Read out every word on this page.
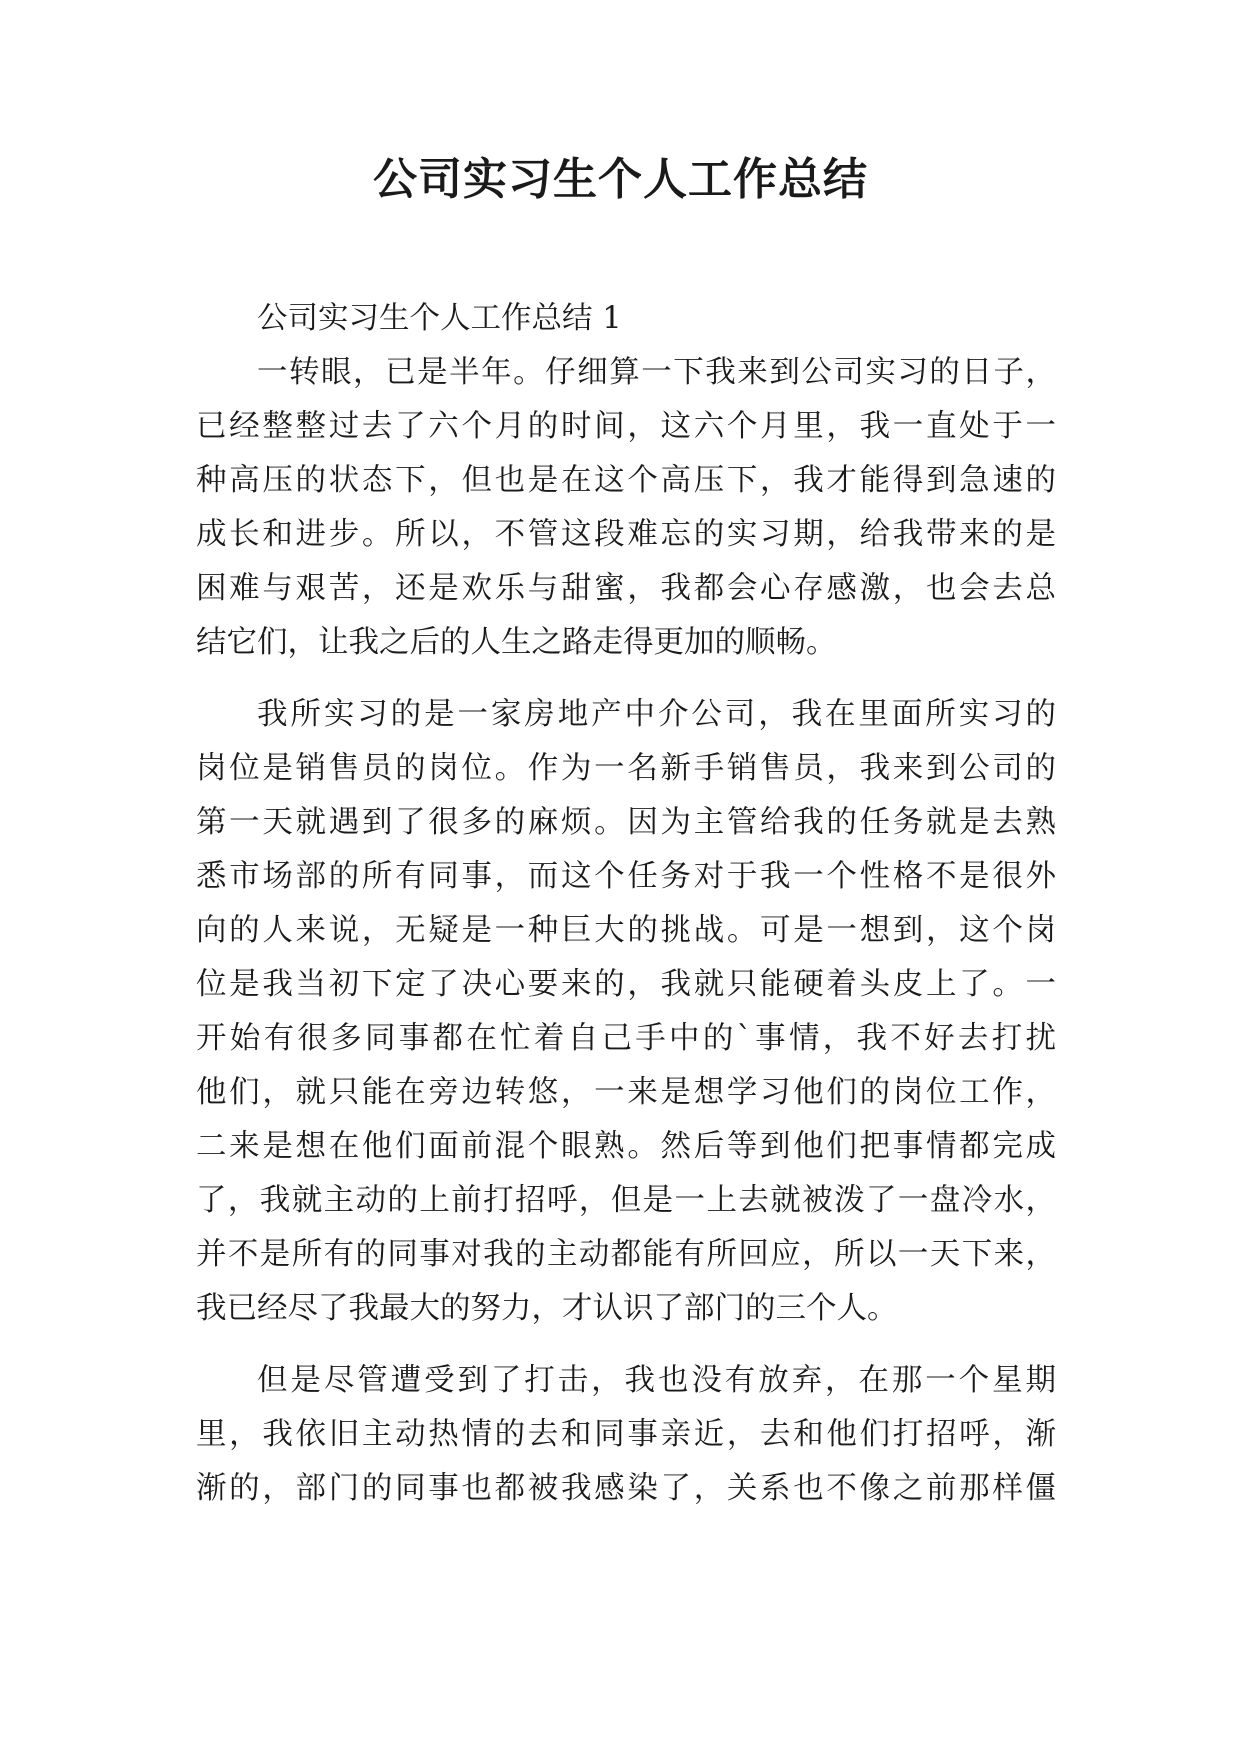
公司实习生个人工作总结
公司实习生个人工作总结 1
一转眼，已是半年。仔细算一下我来到公司实习的日子，
已经整整过去了六个月的时间，这六个月里，我一直处于一
种高压的状态下，但也是在这个高压下，我才能得到急速的
成长和进步。所以，不管这段难忘的实习期，给我带来的是
困难与艰苦，还是欢乐与甜蜜，我都会心存感激，也会去总
结它们，让我之后的人生之路走得更加的顺畅。
我所实习的是一家房地产中介公司，我在里面所实习的
岗位是销售员的岗位。作为一名新手销售员，我来到公司的
第一天就遇到了很多的麻烦。因为主管给我的任务就是去熟
悉市场部的所有同事，而这个任务对于我一个性格不是很外
向的人来说，无疑是一种巨大的挑战。可是一想到，这个岗
位是我当初下定了决心要来的，我就只能硬着头皮上了。一
开始有很多同事都在忙着自己手中的`事情，我不好去打扰
他们，就只能在旁边转悠，一来是想学习他们的岗位工作，
二来是想在他们面前混个眼熟。然后等到他们把事情都完成
了，我就主动的上前打招呼，但是一上去就被泼了一盘冷水，
并不是所有的同事对我的主动都能有所回应，所以一天下来，
我已经尽了我最大的努力，才认识了部门的三个人。
但是尽管遭受到了打击，我也没有放弃，在那一个星期
里，我依旧主动热情的去和同事亲近，去和他们打招呼，渐
渐的，部门的同事也都被我感染了，关系也不像之前那样僵
